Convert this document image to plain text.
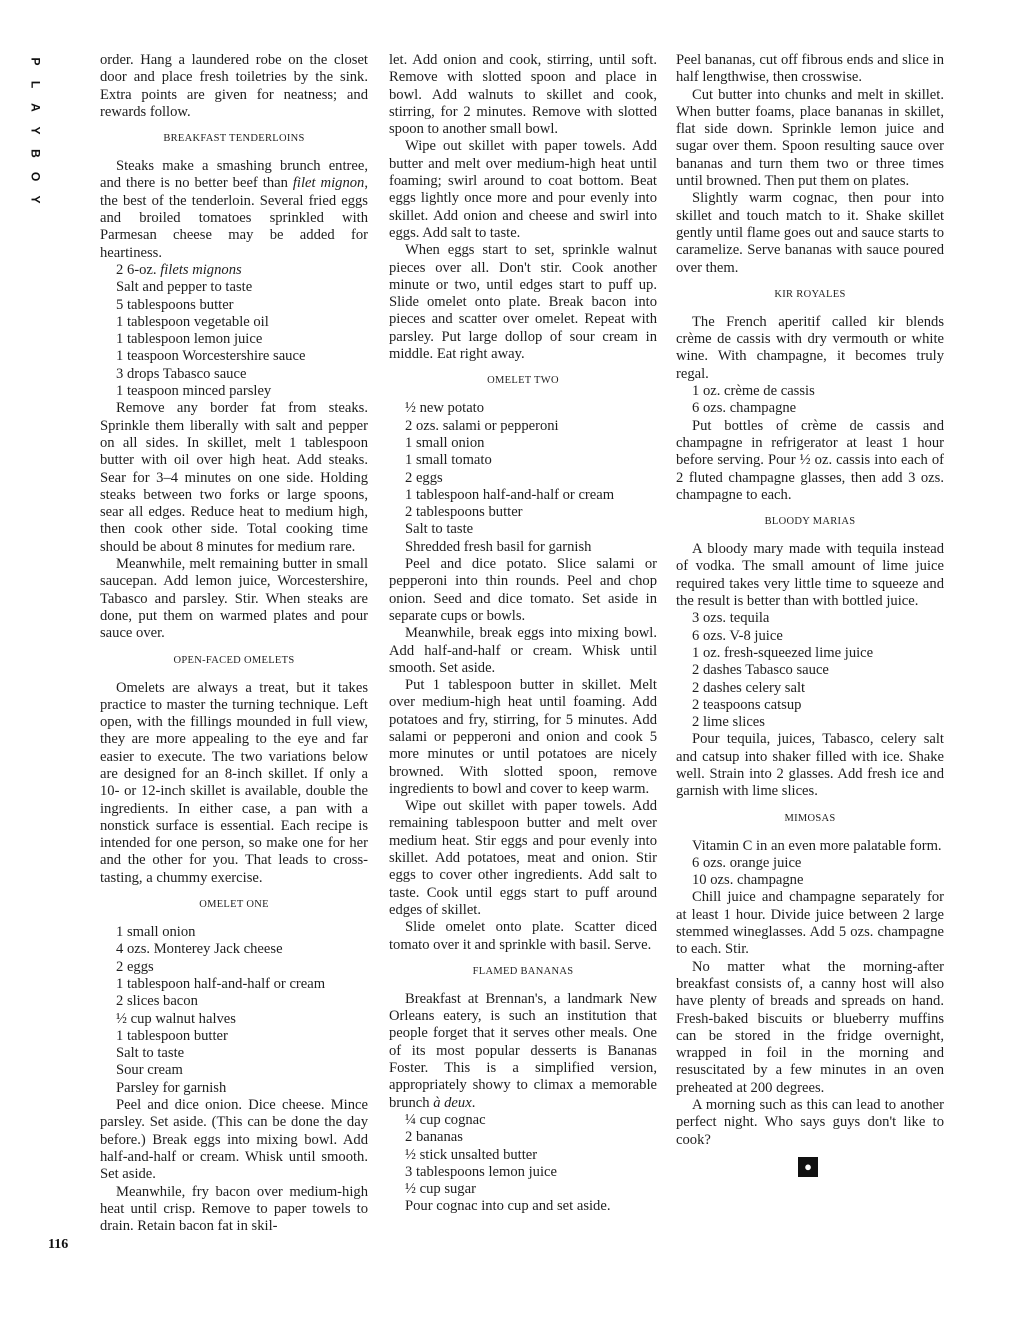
P
L
A
Y
B
O
Y
116

order. Hang a laundered robe on the closet door and place fresh toiletries by the sink. Extra points are given for neatness; and rewards follow.

BREAKFAST TENDERLOINS

Steaks make a smashing brunch entree, and there is no better beef than filet mignon, the best of the tenderloin. Several fried eggs and broiled tomatoes sprinkled with Parmesan cheese may be added for heartiness.

2 6-oz. filets mignons
Salt and pepper to taste
5 tablespoons butter
1 tablespoon vegetable oil
1 tablespoon lemon juice
1 teaspoon Worcestershire sauce
3 drops Tabasco sauce
1 teaspoon minced parsley

Remove any border fat from steaks. Sprinkle them liberally with salt and pepper on all sides. In skillet, melt 1 tablespoon butter with oil over high heat. Add steaks. Sear for 3–4 minutes on one side. Holding steaks between two forks or large spoons, sear all edges. Reduce heat to medium high, then cook other side. Total cooking time should be about 8 minutes for medium rare.

Meanwhile, melt remaining butter in small saucepan. Add lemon juice, Worcestershire, Tabasco and parsley. Stir. When steaks are done, put them on warmed plates and pour sauce over.

OPEN-FACED OMELETS

Omelets are always a treat, but it takes practice to master the turning technique. Left open, with the fillings mounded in full view, they are more appealing to the eye and far easier to execute. The two variations below are designed for an 8-inch skillet. If only a 10- or 12-inch skillet is available, double the ingredients. In either case, a pan with a nonstick surface is essential. Each recipe is intended for one person, so make one for her and the other for you. That leads to cross-tasting, a chummy exercise.

OMELET ONE
1 small onion
4 ozs. Monterey Jack cheese
2 eggs
1 tablespoon half-and-half or cream
2 slices bacon
½ cup walnut halves
1 tablespoon butter
Salt to taste
Sour cream
Parsley for garnish

Peel and dice onion. Dice cheese. Mince parsley. Set aside. (This can be done the day before.) Break eggs into mixing bowl. Add half-and-half or cream. Whisk until smooth. Set aside.

Meanwhile, fry bacon over medium-high heat until crisp. Remove to paper towels to drain. Retain bacon fat in skil-

let. Add onion and cook, stirring, until soft. Remove with slotted spoon and place in bowl. Add walnuts to skillet and cook, stirring, for 2 minutes. Remove with slotted spoon to another small bowl.

Wipe out skillet with paper towels. Add butter and melt over medium-high heat until foaming; swirl around to coat bottom. Beat eggs lightly once more and pour evenly into skillet. Add onion and cheese and swirl into eggs. Add salt to taste.

When eggs start to set, sprinkle walnut pieces over all. Don't stir. Cook another minute or two, until edges start to puff up. Slide omelet onto plate. Break bacon into pieces and scatter over omelet. Repeat with parsley. Put large dollop of sour cream in middle. Eat right away.

OMELET TWO
½ new potato
2 ozs. salami or pepperoni
1 small onion
1 small tomato
2 eggs
1 tablespoon half-and-half or cream
2 tablespoons butter
Salt to taste
Shredded fresh basil for garnish

Peel and dice potato. Slice salami or pepperoni into thin rounds. Peel and chop onion. Seed and dice tomato. Set aside in separate cups or bowls.

Meanwhile, break eggs into mixing bowl. Add half-and-half or cream. Whisk until smooth. Set aside.

Put 1 tablespoon butter in skillet. Melt over medium-high heat until foaming. Add potatoes and fry, stirring, for 5 minutes. Add salami or pepperoni and onion and cook 5 more minutes or until potatoes are nicely browned. With slotted spoon, remove ingredients to bowl and cover to keep warm.

Wipe out skillet with paper towels. Add remaining tablespoon butter and melt over medium heat. Stir eggs and pour evenly into skillet. Add potatoes, meat and onion. Stir eggs to cover other ingredients. Add salt to taste. Cook until eggs start to puff around edges of skillet.

Slide omelet onto plate. Scatter diced tomato over it and sprinkle with basil. Serve.

FLAMED BANANAS

Breakfast at Brennan's, a landmark New Orleans eatery, is such an institution that people forget that it serves other meals. One of its most popular desserts is Bananas Foster. This is a simplified version, appropriately showy to climax a memorable brunch à deux.

¼ cup cognac
2 bananas
½ stick unsalted butter
3 tablespoons lemon juice
½ cup sugar
Pour cognac into cup and set aside.

Peel bananas, cut off fibrous ends and slice in half lengthwise, then crosswise.

Cut butter into chunks and melt in skillet. When butter foams, place bananas in skillet, flat side down. Sprinkle lemon juice and sugar over them. Spoon resulting sauce over bananas and turn them two or three times until browned. Then put them on plates.

Slightly warm cognac, then pour into skillet and touch match to it. Shake skillet gently until flame goes out and sauce starts to caramelize. Serve bananas with sauce poured over them.

KIR ROYALES

The French aperitif called kir blends crème de cassis with dry vermouth or white wine. With champagne, it becomes truly regal.

1 oz. crème de cassis
6 ozs. champagne

Put bottles of crème de cassis and champagne in refrigerator at least 1 hour before serving. Pour ½ oz. cassis into each of 2 fluted champagne glasses, then add 3 ozs. champagne to each.

BLOODY MARIAS

A bloody mary made with tequila instead of vodka. The small amount of lime juice required takes very little time to squeeze and the result is better than with bottled juice.

3 ozs. tequila
6 ozs. V-8 juice
1 oz. fresh-squeezed lime juice
2 dashes Tabasco sauce
2 dashes celery salt
2 teaspoons catsup
2 lime slices

Pour tequila, juices, Tabasco, celery salt and catsup into shaker filled with ice. Shake well. Strain into 2 glasses. Add fresh ice and garnish with lime slices.

MIMOSAS

Vitamin C in an even more palatable form.

6 ozs. orange juice
10 ozs. champagne

Chill juice and champagne separately for at least 1 hour. Divide juice between 2 large stemmed wineglasses. Add 5 ozs. champagne to each. Stir.

No matter what the morning-after breakfast consists of, a canny host will also have plenty of breads and spreads on hand. Fresh-baked biscuits or blueberry muffins can be stored in the fridge overnight, wrapped in foil in the morning and resuscitated by a few minutes in an oven preheated at 200 degrees.

A morning such as this can lead to another perfect night. Who says guys don't like to cook?

●
